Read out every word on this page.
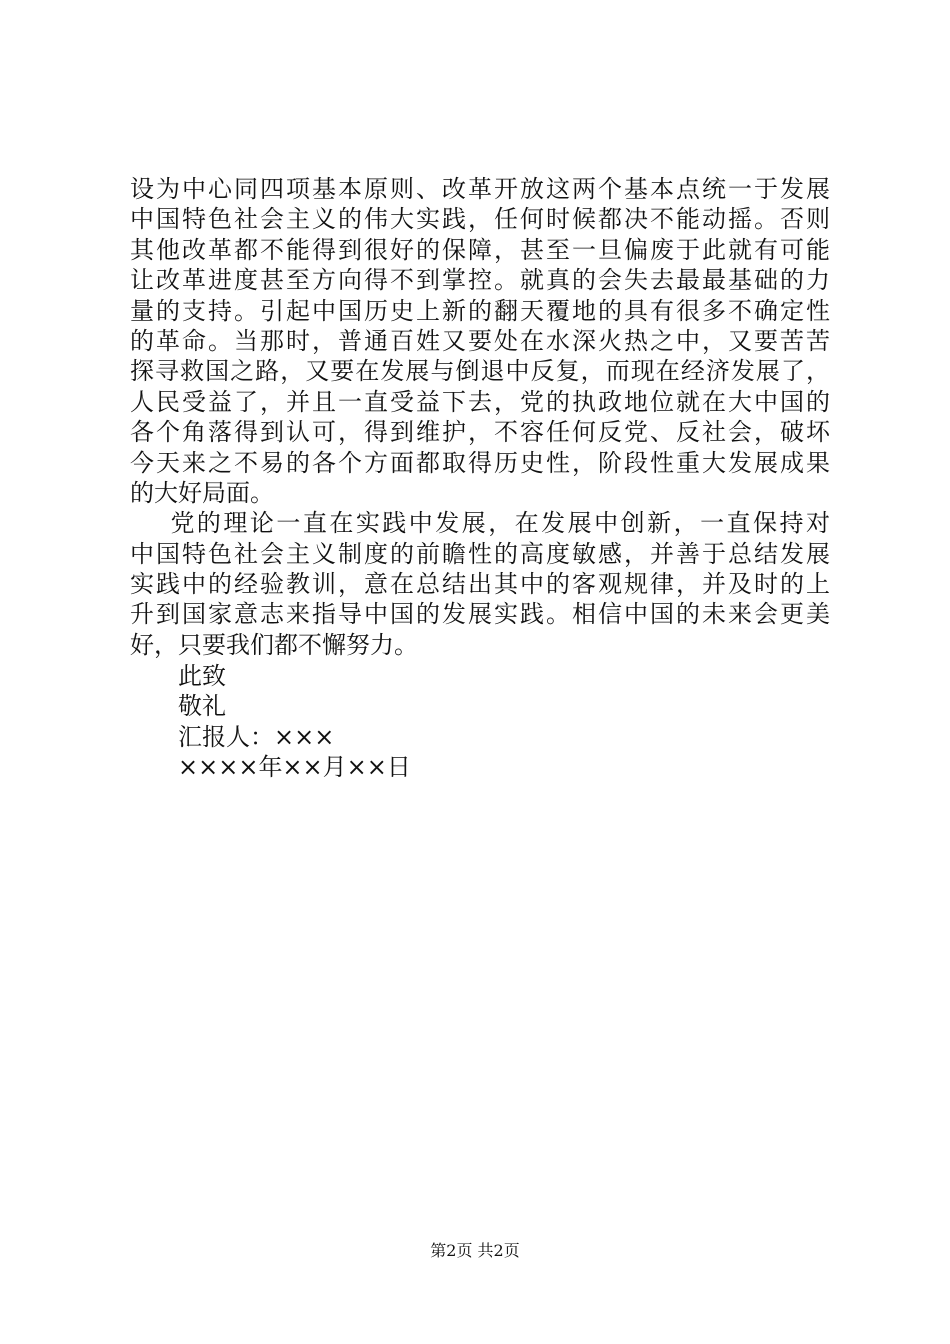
设为中心同四项基本原则、改革开放这两个基本点统一于发展
中国特色社会主义的伟大实践，任何时候都决不能动摇。否则
其他改革都不能得到很好的保障，甚至一旦偏废于此就有可能
让改革进度甚至方向得不到掌控。就真的会失去最最基础的力
量的支持。引起中国历史上新的翻天覆地的具有很多不确定性
的革命。当那时，普通百姓又要处在水深火热之中，又要苦苦
探寻救国之路，又要在发展与倒退中反复，而现在经济发展了，
人民受益了，并且一直受益下去，党的执政地位就在大中国的
各个角落得到认可，得到维护，不容任何反党、反社会，破坏
今天来之不易的各个方面都取得历史性，阶段性重大发展成果
的大好局面。
党的理论一直在实践中发展，在发展中创新，一直保持对
中国特色社会主义制度的前瞻性的高度敏感，并善于总结发展
实践中的经验教训，意在总结出其中的客观规律，并及时的上
升到国家意志来指导中国的发展实践。相信中国的未来会更美
好，只要我们都不懈努力。
此致
敬礼
汇报人：×××
××××年××月××日
第2页 共2页
